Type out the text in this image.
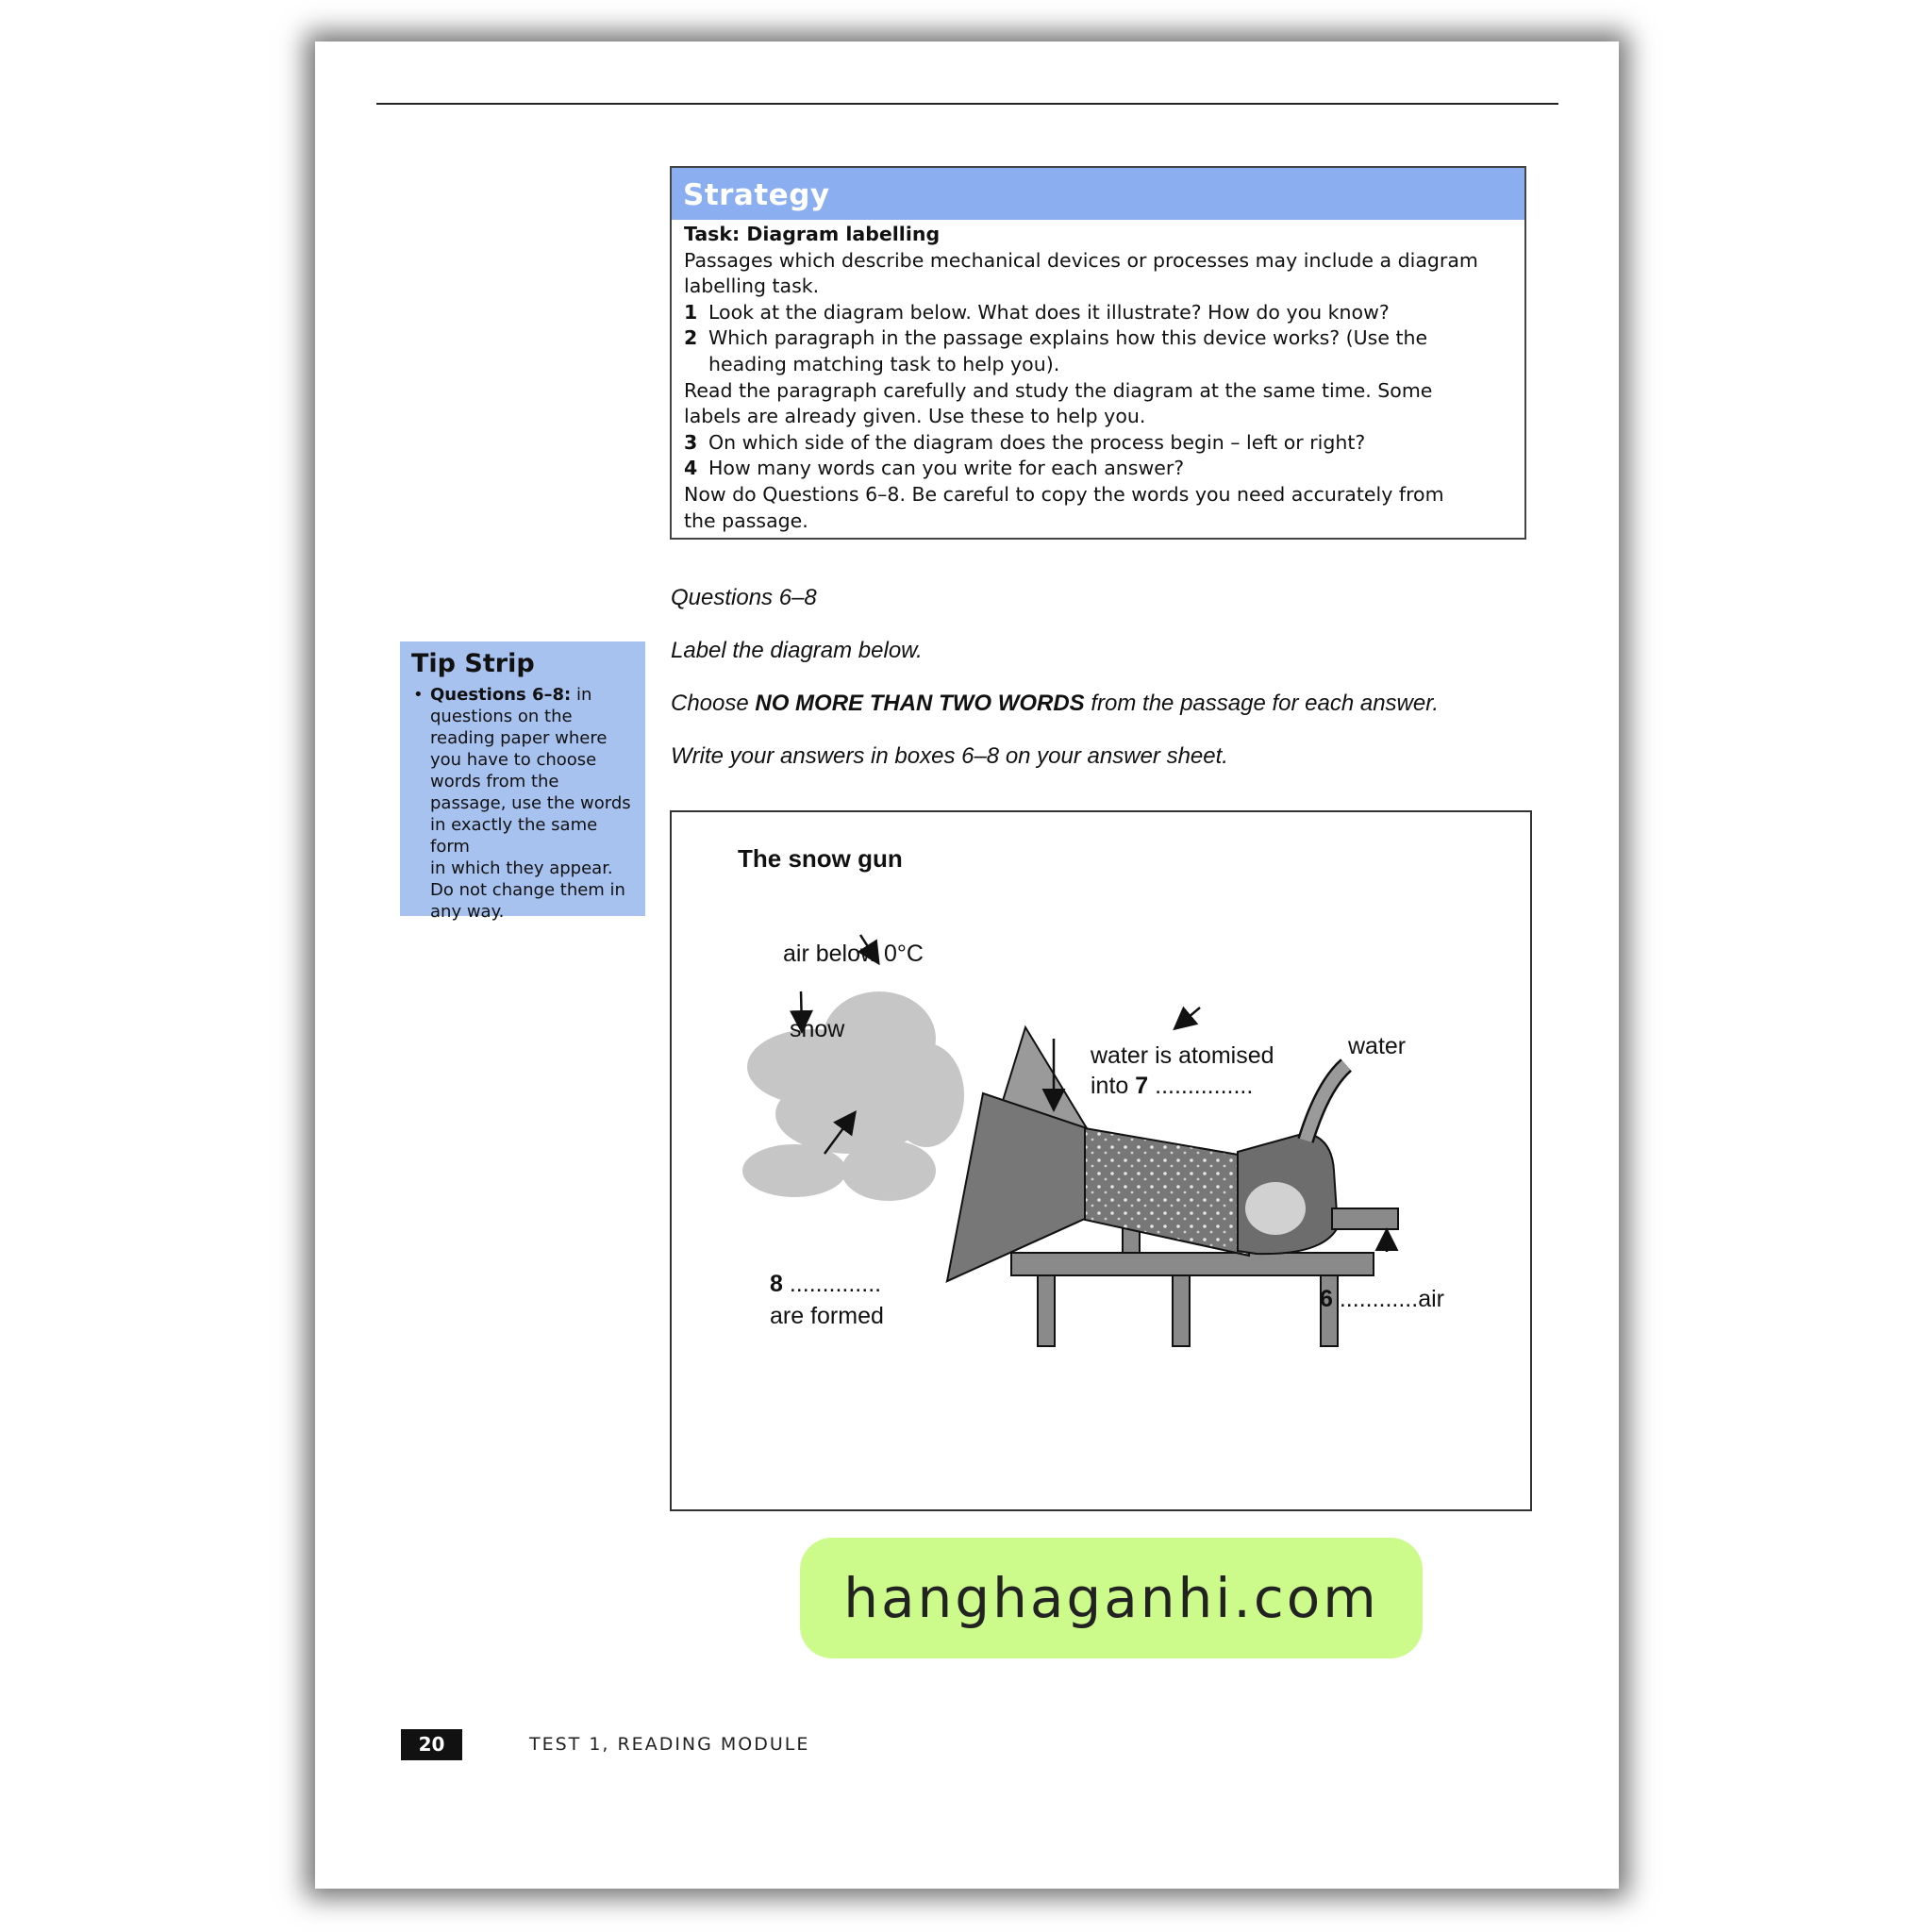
Strategy
Task: Diagram labelling
Passages which describe mechanical devices or processes may include a diagram labelling task.
1 Look at the diagram below. What does it illustrate? How do you know?
2 Which paragraph in the passage explains how this device works? (Use the
heading matching task to help you).
Read the paragraph carefully and study the diagram at the same time. Some
labels are already given. Use these to help you.
3 On which side of the diagram does the process begin – left or right?
4 How many words can you write for each answer?
Now do Questions 6–8. Be careful to copy the words you need accurately from
the passage.
Tip Strip
• Questions 6–8: in
questions on the
reading paper where
you have to choose
words from the
passage, use the words
in exactly the same form
in which they appear.
Do not change them in
any way.
Questions 6–8
Label the diagram below.
Choose NO MORE THAN TWO WORDS from the passage for each answer.
Write your answers in boxes 6–8 on your answer sheet.
The snow gun
air below 0°C
snow
water is atomised
into 7 ...............
water
8 ..............
are formed
6 ............air
20	TEST 1, READING MODULE
hanghaganhi.com
